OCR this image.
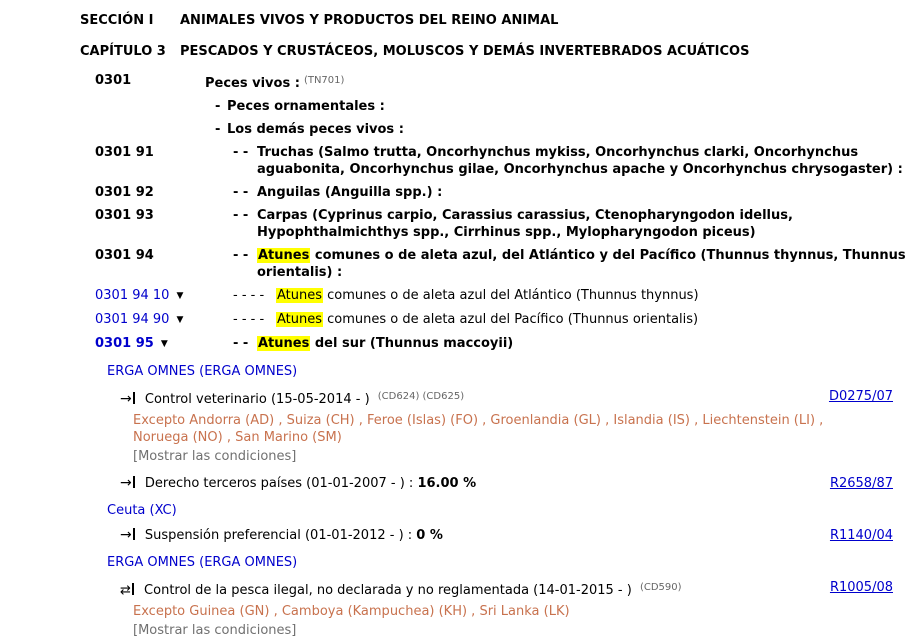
SECCIÓN I	ANIMALES VIVOS Y PRODUCTOS DEL REINO ANIMAL
CAPÍTULO 3	PESCADOS Y CRUSTÁCEOS, MOLUSCOS Y DEMÁS INVERTEBRADOS ACUÁTICOS
0301	Peces vivos : $^{(TN701)}$
- Peces ornamentales :
- Los demás peces vivos :
0301 91	- - Truchas (Salmo trutta, Oncorhynchus mykiss, Oncorhynchus clarki, Oncorhynchus aguabonita, Oncorhynchus gilae, Oncorhynchus apache y Oncorhynchus chrysogaster) :
0301 92	- - Anguilas (Anguilla spp.) :
0301 93	- - Carpas (Cyprinus carpio, Carassius carassius, Ctenopharyngodon idellus, Hypophthalmichthys spp., Cirrhinus spp., Mylopharyngodon piceus)
0301 94	- - Atunes comunes o de aleta azul, del Atlántico y del Pacífico (Thunnus thynnus, Thunnus orientalis) :
0301 94 10 ▼	- - - - Atunes comunes o de aleta azul del Atlántico (Thunnus thynnus)
0301 94 90 ▼	- - - - Atunes comunes o de aleta azul del Pacífico (Thunnus orientalis)
0301 95 ▼	- - Atunes del sur (Thunnus maccoyii)
ERGA OMNES (ERGA OMNES)
→ Control veterinario (15-05-2014 - ) $^{(CD624) (CD625)}$	D0275/07
Excepto Andorra (AD) , Suiza (CH) , Feroe (Islas) (FO) , Groenlandia (GL) , Islandia (IS) , Liechtenstein (LI) , Noruega (NO) , San Marino (SM)
[Mostrar las condiciones]
→ Derecho terceros países (01-01-2007 - ) : 16.00 %	R2658/87
Ceuta (XC)
→ Suspensión preferencial (01-01-2012 - ) : 0 %	R1140/04
ERGA OMNES (ERGA OMNES)
⇄ Control de la pesca ilegal, no declarada y no reglamentada (14-01-2015 - ) $^{(CD590)}$	R1005/08
Excepto Guinea (GN) , Camboya (Kampuchea) (KH) , Sri Lanka (LK)
[Mostrar las condiciones]
